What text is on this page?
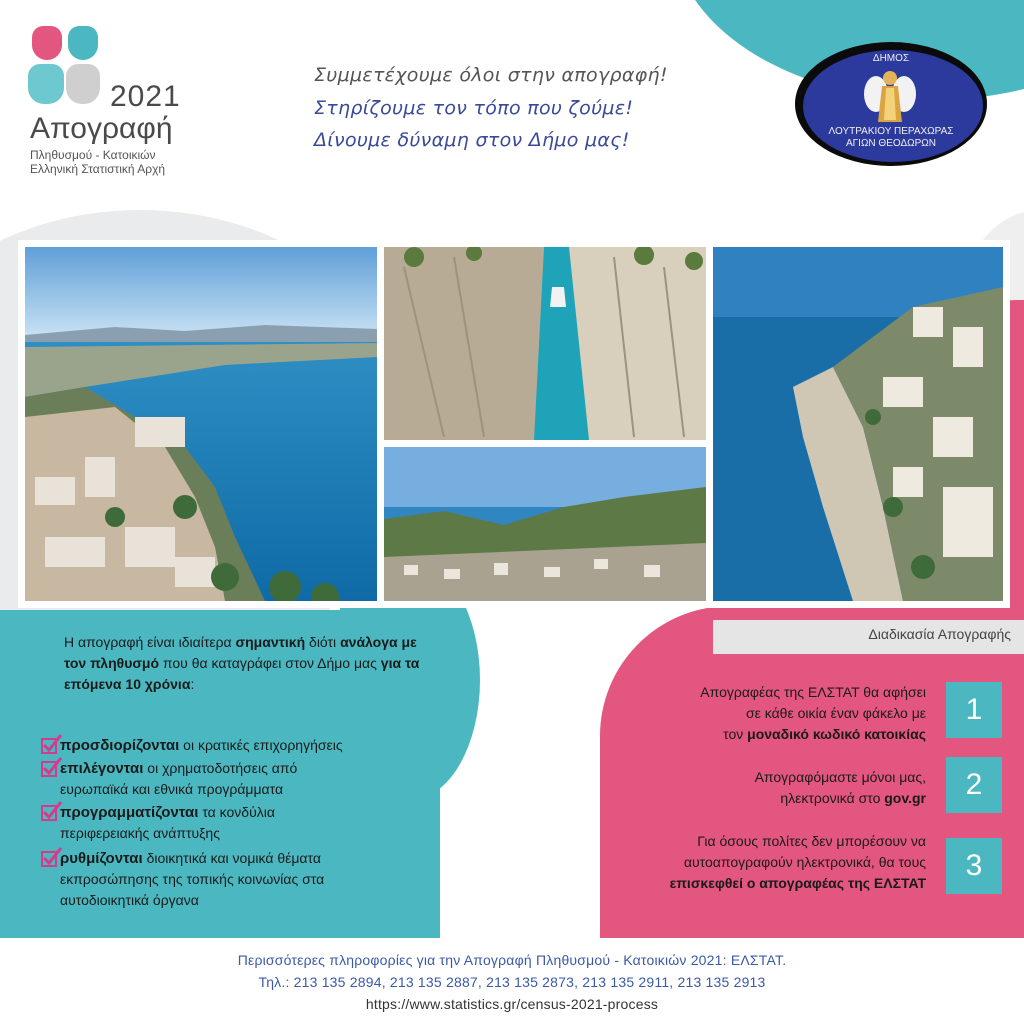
2021
Απογραφή
Πληθυσμού - Κατοικιών
Ελληνική Στατιστική Αρχή
Συμμετέχουμε όλοι στην απογραφή!
Στηρίζουμε τον τόπο που ζούμε!
Δίνουμε δύναμη στον Δήμο μας!
ΔΗΜΟΣ
ΛΟΥΤΡΑΚΙΟΥ ΠΕΡΑΧΩΡΑΣ
ΑΓΙΩΝ ΘΕΟΔΩΡΩΝ
Η απογραφή είναι ιδιαίτερα σημαντική διότι ανάλογα με τον πληθυσμό που θα καταγράφει στον Δήμο μας για τα επόμενα 10 χρόνια:
προσδιορίζονται οι κρατικές επιχορηγήσεις
επιλέγονται οι χρηματοδοτήσεις από ευρωπαϊκά και εθνικά προγράμματα
προγραμματίζονται τα κονδύλια περιφερειακής ανάπτυξης
ρυθμίζονται διοικητικά και νομικά θέματα εκπροσώπησης της τοπικής κοινωνίας στα αυτοδιοικητικά όργανα
Διαδικασία Απογραφής
Απογραφέας της ΕΛΣΤΑΤ θα αφήσει
σε κάθε οικία έναν φάκελο με
τον μοναδικό κωδικό κατοικίας
1
Απογραφόμαστε μόνοι μας,
ηλεκτρονικά στο gov.gr	2
Για όσους πολίτες δεν μπορέσουν να
αυτοαπογραφούν ηλεκτρονικά, θα τους
επισκεφθεί ο απογραφέας της ΕΛΣΤΑΤ
3
Περισσότερες πληροφορίες για την Απογραφή Πληθυσμού - Κατοικιών 2021: ΕΛΣΤΑΤ.
Τηλ.: 213 135 2894, 213 135 2887, 213 135 2873, 213 135 2911, 213 135 2913
https://www.statistics.gr/census-2021-process
